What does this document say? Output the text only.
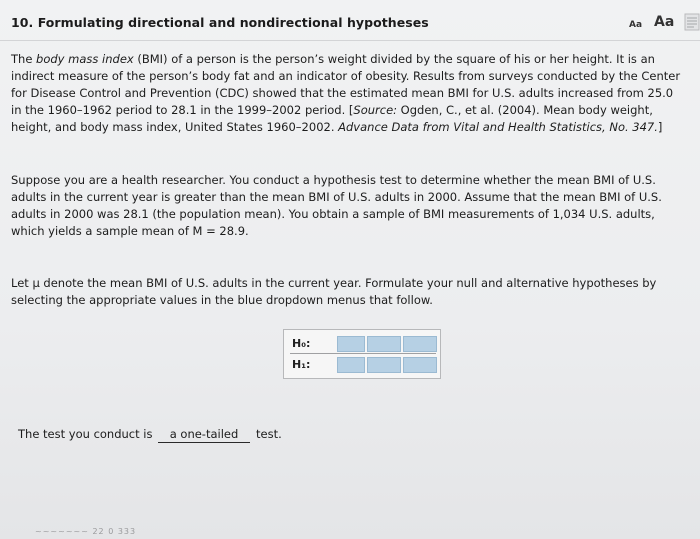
10. Formulating directional and nondirectional hypotheses	Aa Aa
The body mass index (BMI) of a person is the person’s weight divided by the square of his or her height. It is an
indirect measure of the person’s body fat and an indicator of obesity. Results from surveys conducted by the Center
for Disease Control and Prevention (CDC) showed that the estimated mean BMI for U.S. adults increased from 25.0
in the 1960–1962 period to 28.1 in the 1999–2002 period. [Source: Ogden, C., et al. (2004). Mean body weight,
height, and body mass index, United States 1960–2002. Advance Data from Vital and Health Statistics, No. 347.]
Suppose you are a health researcher. You conduct a hypothesis test to determine whether the mean BMI of U.S.
adults in the current year is greater than the mean BMI of U.S. adults in 2000. Assume that the mean BMI of U.S.
adults in 2000 was 28.1 (the population mean). You obtain a sample of BMI measurements of 1,034 U.S. adults,
which yields a sample mean of M = 28.9.
Let μ denote the mean BMI of U.S. adults in the current year. Formulate your null and alternative hypotheses by
selecting the appropriate values in the blue dropdown menus that follow.
H₀:
H₁:
The test you conduct is	a one-tailed	test.
~~~~~~~ 22 0 333
